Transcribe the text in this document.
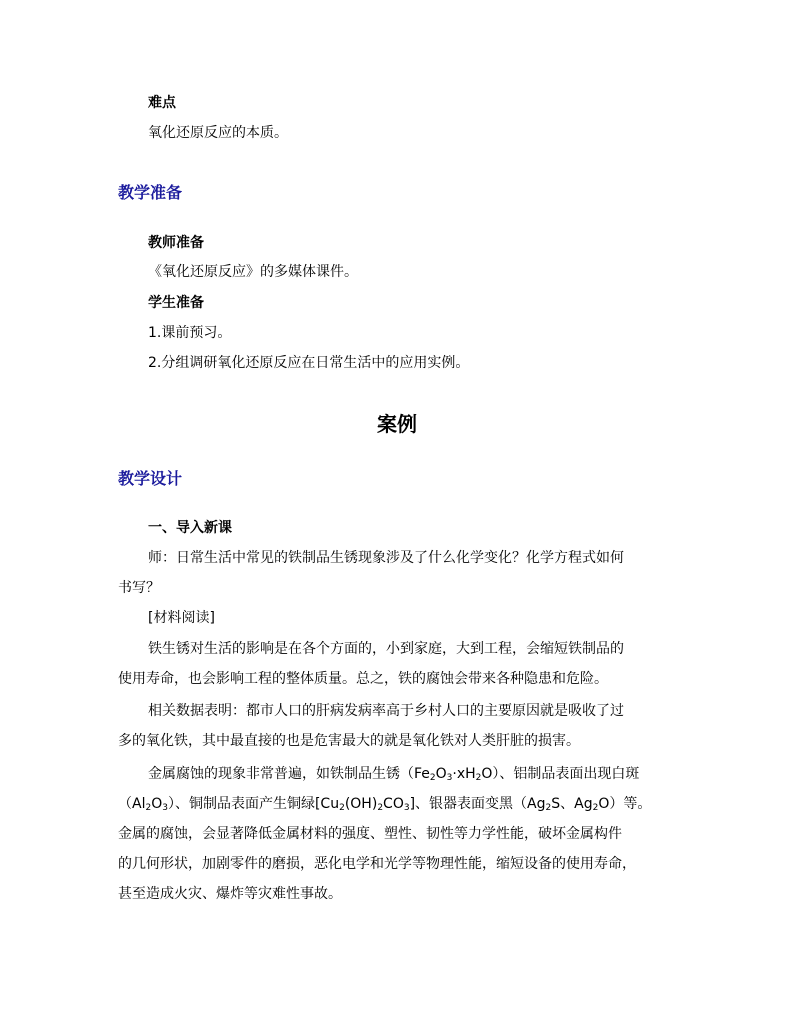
难点
氧化还原反应的本质。
教学准备
教师准备
《氧化还原反应》的多媒体课件。
学生准备
1.课前预习。
2.分组调研氧化还原反应在日常生活中的应用实例。
案例
教学设计
一、导入新课
师：日常生活中常见的铁制品生锈现象涉及了什么化学变化？化学方程式如何
书写？
[材料阅读]
铁生锈对生活的影响是在各个方面的，小到家庭，大到工程，会缩短铁制品的
使用寿命，也会影响工程的整体质量。总之，铁的腐蚀会带来各种隐患和危险。
相关数据表明：都市人口的肝病发病率高于乡村人口的主要原因就是吸收了过
多的氧化铁，其中最直接的也是危害最大的就是氧化铁对人类肝脏的损害。
金属腐蚀的现象非常普遍，如铁制品生锈$(Fe_2O_3\cdot xH_2O)$、铝制品表面出现白斑
$(Al_2O_3)$、铜制品表面产生铜绿$[Cu_2(OH)_2CO_3]$、银器表面变黑（$Ag_2S$、$Ag_2O$）等。
金属的腐蚀，会显著降低金属材料的强度、塑性、韧性等力学性能，破坏金属构件
的几何形状，加剧零件的磨损，恶化电学和光学等物理性能，缩短设备的使用寿命，
甚至造成火灾、爆炸等灾难性事故。
